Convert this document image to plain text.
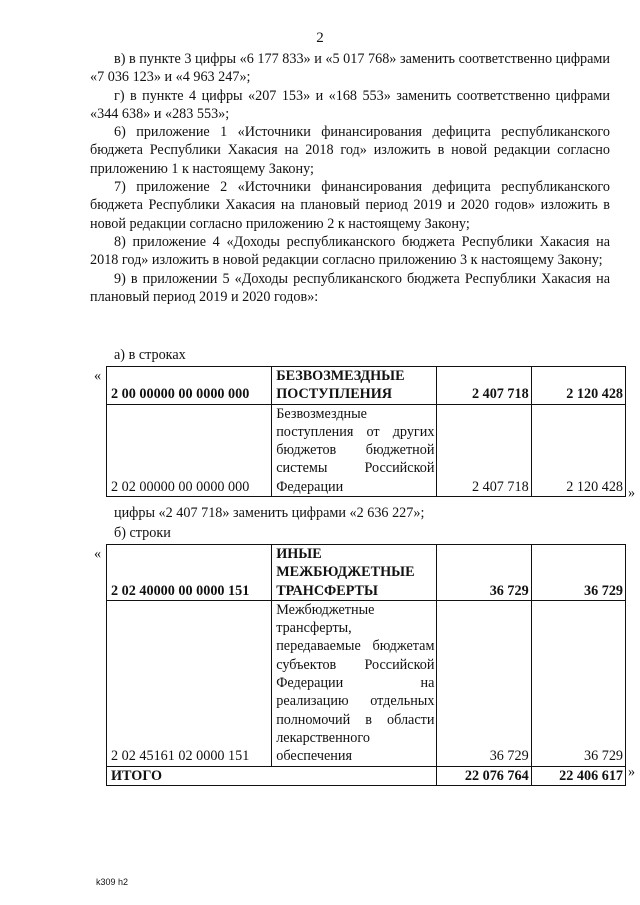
2

в) в пункте 3 цифры «6 177 833» и «5 017 768» заменить соответственно цифрами «7 036 123» и «4 963 247»;

г) в пункте 4 цифры «207 153» и «168 553» заменить соответственно цифрами «344 638» и «283 553»;

6) приложение 1 «Источники финансирования дефицита республиканского бюджета Республики Хакасия на 2018 год» изложить в новой редакции согласно приложению 1 к настоящему Закону;

7) приложение 2 «Источники финансирования дефицита республиканского бюджета Республики Хакасия на плановый период 2019 и 2020 годов» изложить в новой редакции согласно приложению 2 к настоящему Закону;

8) приложение 4 «Доходы республиканского бюджета Республики Хакасия на 2018 год» изложить в новой редакции согласно приложению 3 к настоящему Закону;

9) в приложении 5 «Доходы республиканского бюджета Республики Хакасия на плановый период 2019 и 2020 годов»:

а) в строках
«
2 00 00000 00 0000 000	БЕЗВОЗМЕЗДНЫЕ ПОСТУПЛЕНИЯ	2 407 718	2 120 428
2 02 00000 00 0000 000	Безвозмездные поступления от других бюджетов бюджетной системы Российской Федерации	2 407 718	2 120 428 »
цифры «2 407 718» заменить цифрами «2 636 227»;
б) строки
«
2 02 40000 00 0000 151	ИНЫЕ МЕЖБЮДЖЕТНЫЕ ТРАНСФЕРТЫ	36 729	36 729
2 02 45161 02 0000 151	Межбюджетные трансферты, передаваемые бюджетам субъектов Российской Федерации на реализацию отдельных полномочий в области лекарственного обеспечения	36 729	36 729
ИТОГО		22 076 764	22 406 617 »
k309 h2
